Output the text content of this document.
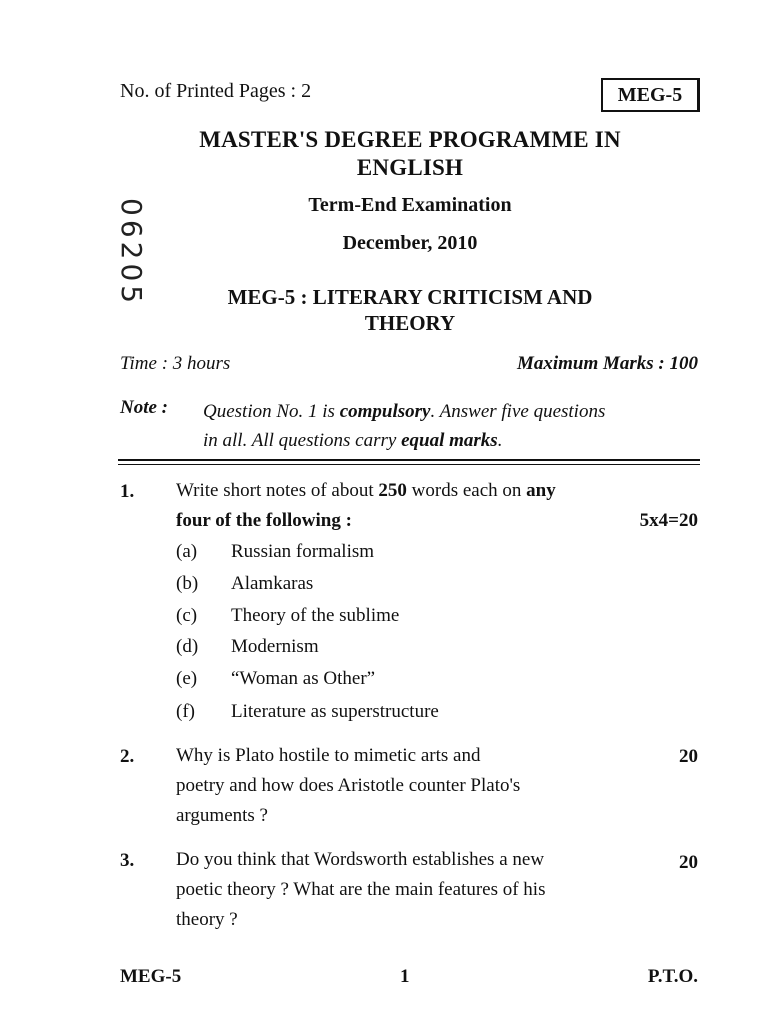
No. of Printed Pages : 2	MEG-5
MASTER'S DEGREE PROGRAMME IN
ENGLISH
Term-End Examination
December, 2010
06205	MEG-5 : LITERARY CRITICISM AND
THEORY
Time : 3 hours	Maximum Marks : 100
Note : Question No. 1 is compulsory. Answer five questions
in all. All questions carry equal marks.
1. Write short notes of about 250 words each on any
four of the following :	5x4=20
(a) Russian formalism
(b) Alamkaras
(c) Theory of the sublime
(d) Modernism
(e) “Woman as Other”
(f) Literature as superstructure
2. Why is Plato hostile to mimetic arts and
poetry and how does Aristotle counter Plato's
arguments ?
20
3. Do you think that Wordsworth establishes a new
poetic theory ? What are the main features of his
theory ?
20
MEG-5	1	P.T.O.
